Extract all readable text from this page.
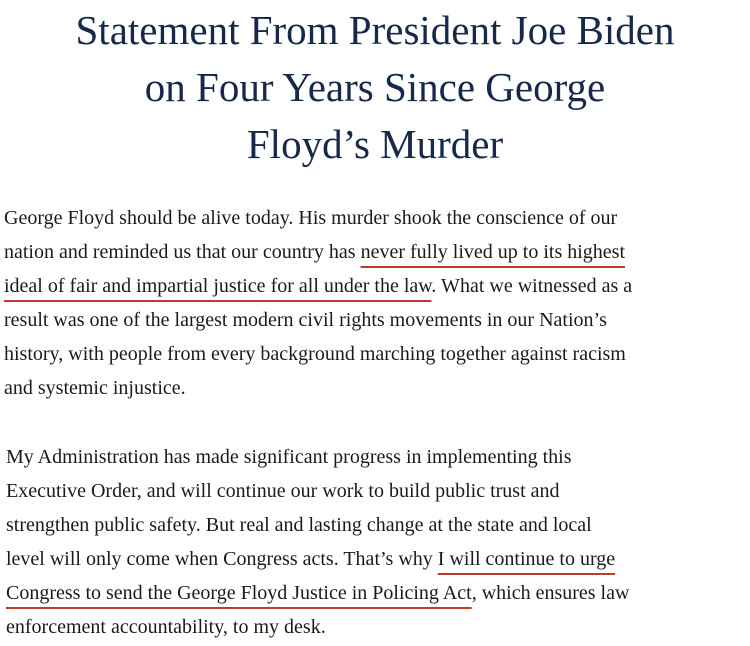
Statement From President Joe Biden
on Four Years Since George
Floyd’s Murder

George Floyd should be alive today. His murder shook the conscience of our
nation and reminded us that our country has never fully lived up to its highest
ideal of fair and impartial justice for all under the law. What we witnessed as a
result was one of the largest modern civil rights movements in our Nation’s
history, with people from every background marching together against racism
and systemic injustice.

My Administration has made significant progress in implementing this
Executive Order, and will continue our work to build public trust and
strengthen public safety. But real and lasting change at the state and local
level will only come when Congress acts. That’s why I will continue to urge
Congress to send the George Floyd Justice in Policing Act, which ensures law
enforcement accountability, to my desk.
